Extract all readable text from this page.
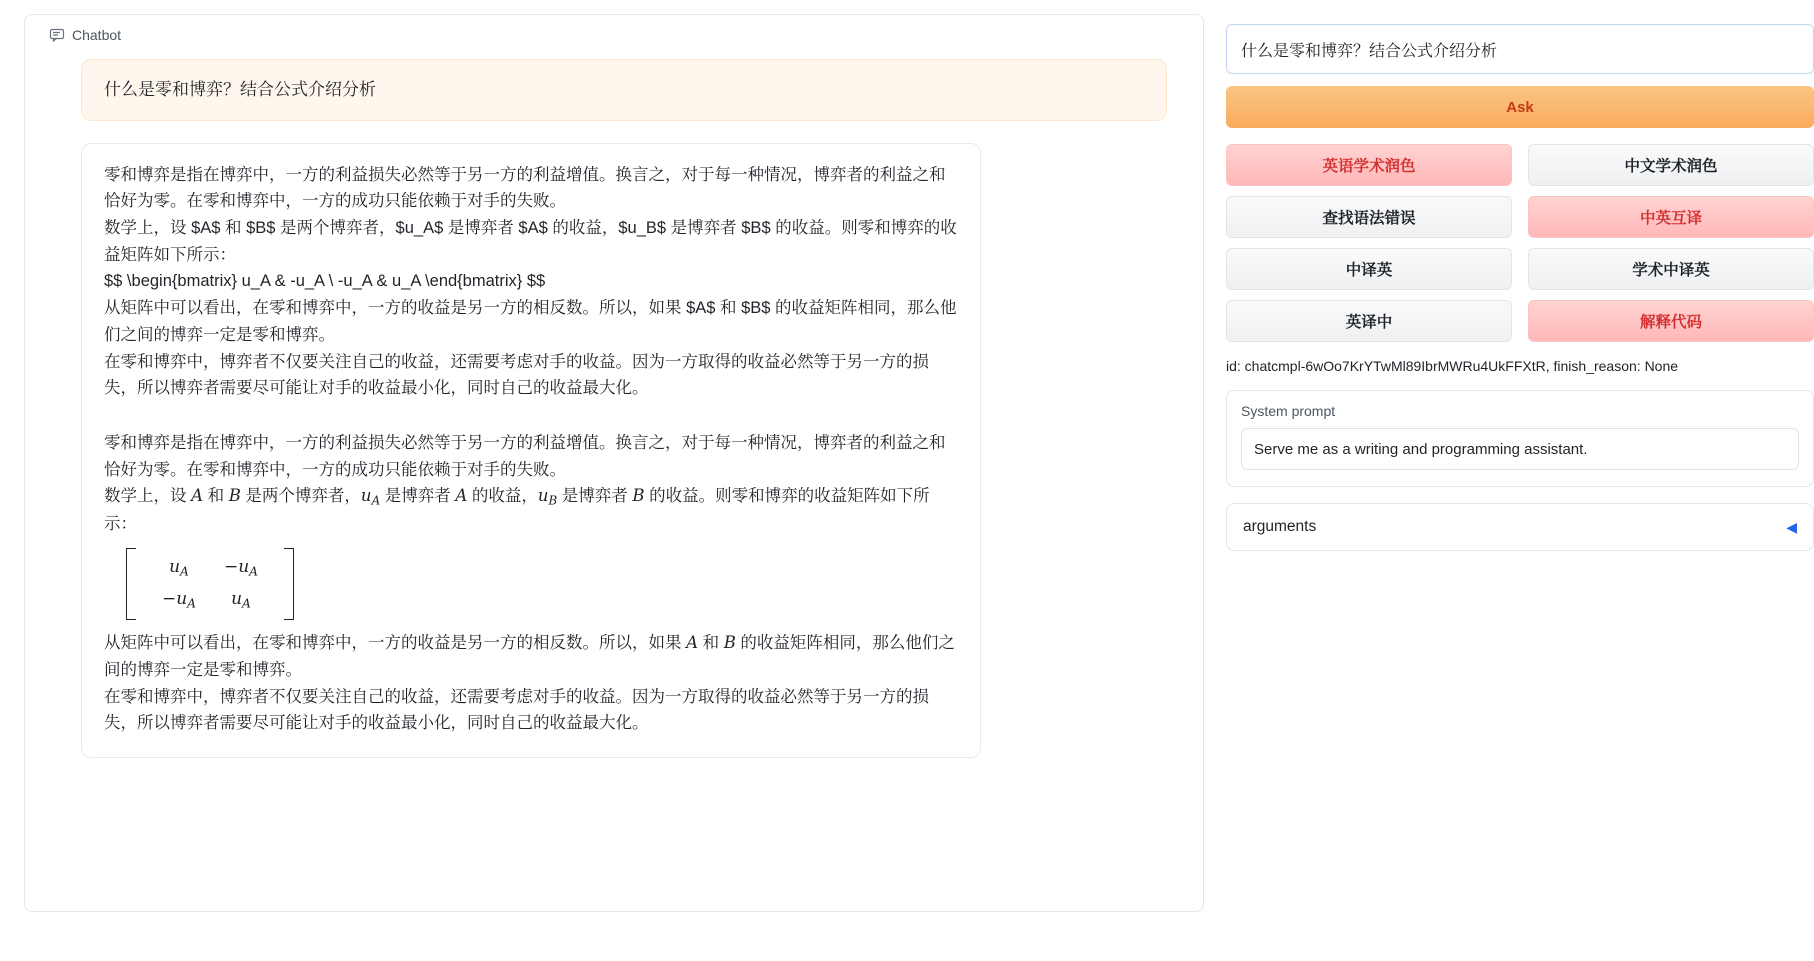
Chatbot
什么是零和博弈？结合公式介绍分析

零和博弈是指在博弈中，一方的利益损失必然等于另一方的利益增值。换言之，对于每一种情况，博弈者的利益之和恰好为零。在零和博弈中，一方的成功只能依赖于对手的失败。

数学上，设 $A$ 和 $B$ 是两个博弈者，$u_A$ 是博弈者 $A$ 的收益，$u_B$ 是博弈者 $B$ 的收益。则零和博弈的收益矩阵如下所示：

$$ \begin{bmatrix} u_A & -u_A \ -u_A & u_A \end{bmatrix} $$

从矩阵中可以看出，在零和博弈中，一方的收益是另一方的相反数。所以，如果 $A$ 和 $B$ 的收益矩阵相同，那么他们之间的博弈一定是零和博弈。

在零和博弈中，博弈者不仅要关注自己的收益，还需要考虑对手的收益。因为一方取得的收益必然等于另一方的损失，所以博弈者需要尽可能让对手的收益最小化，同时自己的收益最大化。

零和博弈是指在博弈中，一方的利益损失必然等于另一方的利益增值。换言之，对于每一种情况，博弈者的利益之和恰好为零。在零和博弈中，一方的成功只能依赖于对手的失败。

数学上，设 A 和 B 是两个博弈者，$u_A$ 是博弈者 A 的收益，$u_B$ 是博弈者 B 的收益。则零和博弈的收益矩阵如下所示：

$u_A$	$-u_A$
$-u_A$	$u_A$

从矩阵中可以看出，在零和博弈中，一方的收益是另一方的相反数。所以，如果 A 和 B 的收益矩阵相同，那么他们之间的博弈一定是零和博弈。

在零和博弈中，博弈者不仅要关注自己的收益，还需要考虑对手的收益。因为一方取得的收益必然等于另一方的损失，所以博弈者需要尽可能让对手的收益最小化，同时自己的收益最大化。

什么是零和博弈？结合公式介绍分析 Ask
英语学术润色	中文学术润色
查找语法错误	中英互译
中译英	学术中译英
英译中	解释代码
id: chatcmpl-6wOo7KrYTwMl89IbrMWRu4UkFFXtR, finish_reason: None
System prompt
Serve me as a writing and programming assistant.
arguments	◀
